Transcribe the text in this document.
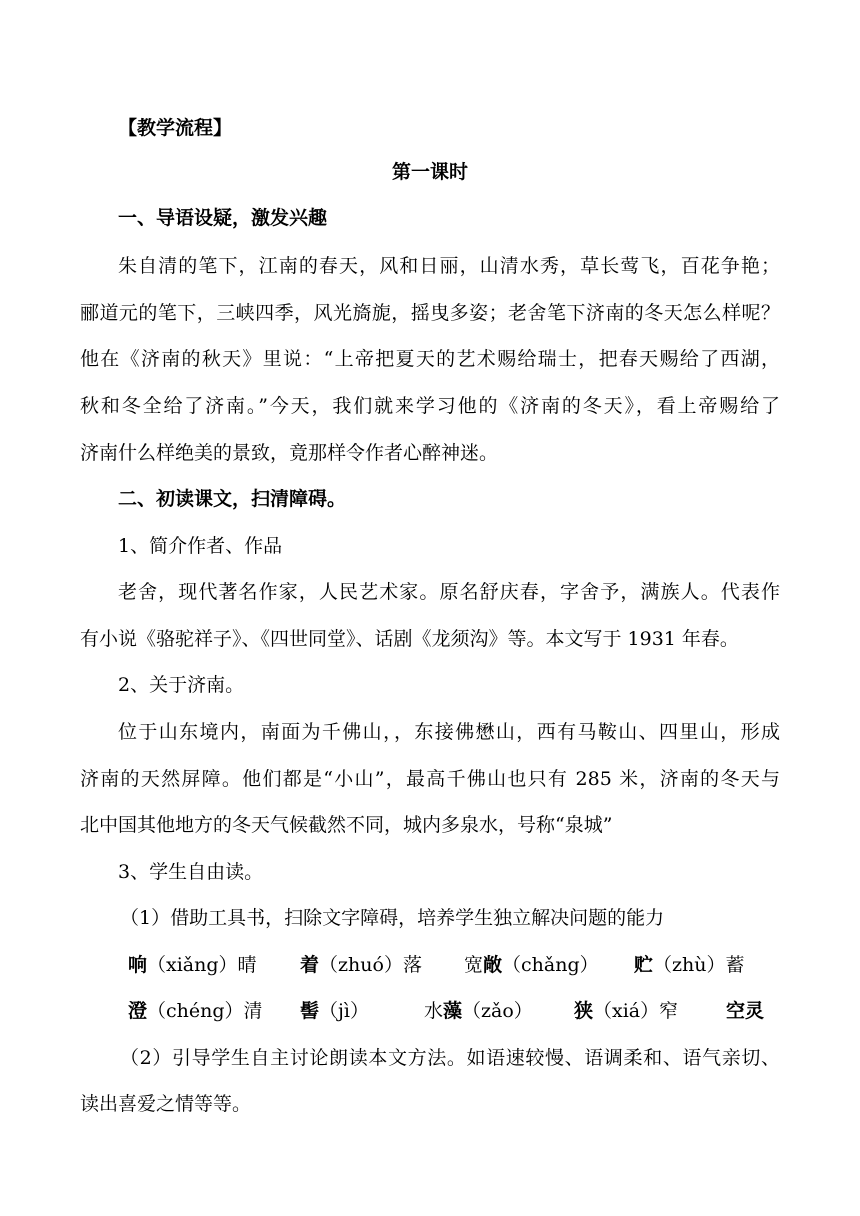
【教学流程】
第一课时
一、导语设疑，激发兴趣
朱自清的笔下，江南的春天，风和日丽，山清水秀，草长莺飞，百花争艳；
郦道元的笔下，三峡四季，风光旖旎，摇曳多姿；老舍笔下济南的冬天怎么样呢？
他在《济南的秋天》里说：“上帝把夏天的艺术赐给瑞士，把春天赐给了西湖，
秋和冬全给了济南。”今天，我们就来学习他的《济南的冬天》，看上帝赐给了
济南什么样绝美的景致，竟那样令作者心醉神迷。
二、初读课文，扫清障碍。
1、简介作者、作品
老舍，现代著名作家，人民艺术家。原名舒庆春，字舍予，满族人。代表作
有小说《骆驼祥子》、《四世同堂》、话剧《龙须沟》等。本文写于 1931 年春。
2、关于济南。
位于山东境内，南面为千佛山，，东接佛懋山，西有马鞍山、四里山，形成
济南的天然屏障。他们都是“小山”，最高千佛山也只有 285 米，济南的冬天与
北中国其他地方的冬天气候截然不同，城内多泉水，号称“泉城”
3、学生自由读。
（1）借助工具书，扫除文字障碍，培养学生独立解决问题的能力
响（xiǎng）晴 着（zhuó）落 宽敞（chǎng） 贮（zhù）蓄
澄（chéng）清 髻（jì）	水藻（zǎo） 狭（xiá）窄	空灵
（2）引导学生自主讨论朗读本文方法。如语速较慢、语调柔和、语气亲切、
读出喜爱之情等等。
